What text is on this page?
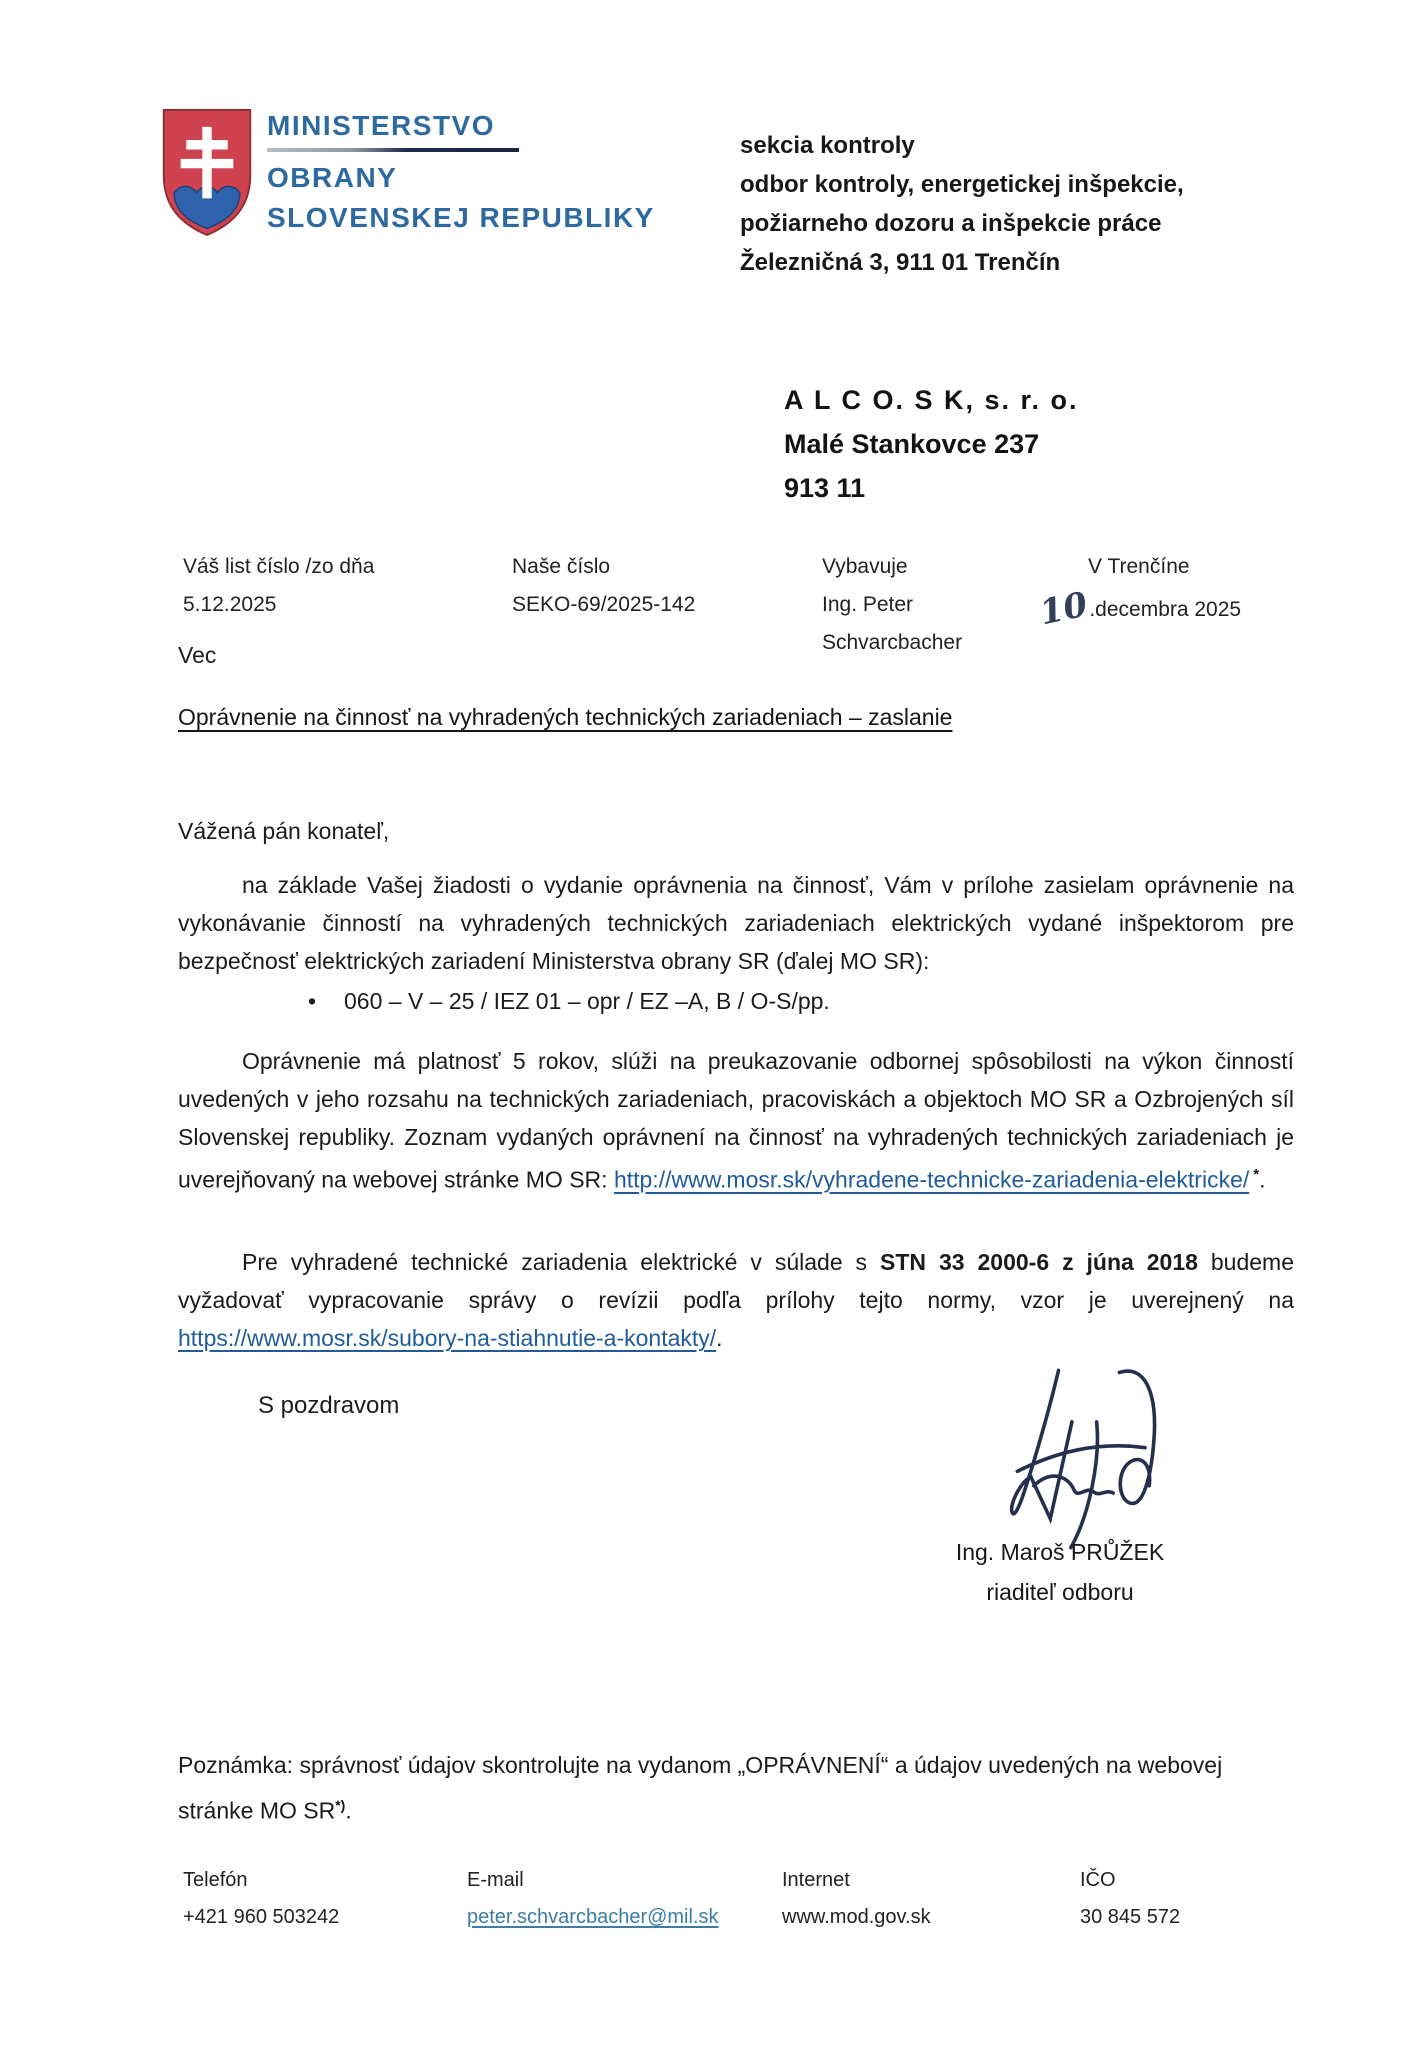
MINISTERSTVO
OBRANY
SLOVENSKEJ REPUBLIKY
sekcia kontroly
odbor kontroly, energetickej inšpekcie,
požiarneho dozoru a inšpekcie práce
Železničná 3, 911 01 Trenčín
A L C O. S K, s. r. o.
Malé Stankovce 237
913 11
Váš list číslo /zo dňa
5.12.2025
Naše číslo
SEKO-69/2025-142
Vybavuje
Ing. Peter
Schvarcbacher
V Trenčíne
10.decembra 2025
Vec
Oprávnenie na činnosť na vyhradených technických zariadeniach – zaslanie
Vážená pán konateľ,
na základe Vašej žiadosti o vydanie oprávnenia na činnosť, Vám v prílohe zasielam oprávnenie na vykonávanie činností na vyhradených technických zariadeniach elektrických vydané inšpektorom pre bezpečnosť elektrických zariadení Ministerstva obrany SR (ďalej MO SR):
• 060 – V – 25 / IEZ 01 – opr / EZ –A, B / O-S/pp.
Oprávnenie má platnosť 5 rokov, slúži na preukazovanie odbornej spôsobilosti na výkon činností uvedených v jeho rozsahu na technických zariadeniach, pracoviskách a objektoch MO SR a Ozbrojených síl Slovenskej republiky. Zoznam vydaných oprávnení na činnosť na vyhradených technických zariadeniach je uverejňovaný na webovej stránke MO SR: http://www.mosr.sk/vyhradene-technicke-zariadenia-elektricke/ *.
Pre vyhradené technické zariadenia elektrické v súlade s STN 33 2000-6 z júna 2018 budeme vyžadovať vypracovanie správy o revízii podľa prílohy tejto normy, vzor je uverejnený na https://www.mosr.sk/subory-na-stiahnutie-a-kontakty/.
S pozdravom
Ing. Maroš PRŮŽEK
riaditeľ odboru
Poznámka: správnosť údajov skontrolujte na vydanom „OPRÁVNENÍ“ a údajov uvedených na webovej stránke MO SR*).
Telefón
+421 960 503242
E-mail
peter.schvarcbacher@mil.sk
Internet
www.mod.gov.sk
IČO
30 845 572
